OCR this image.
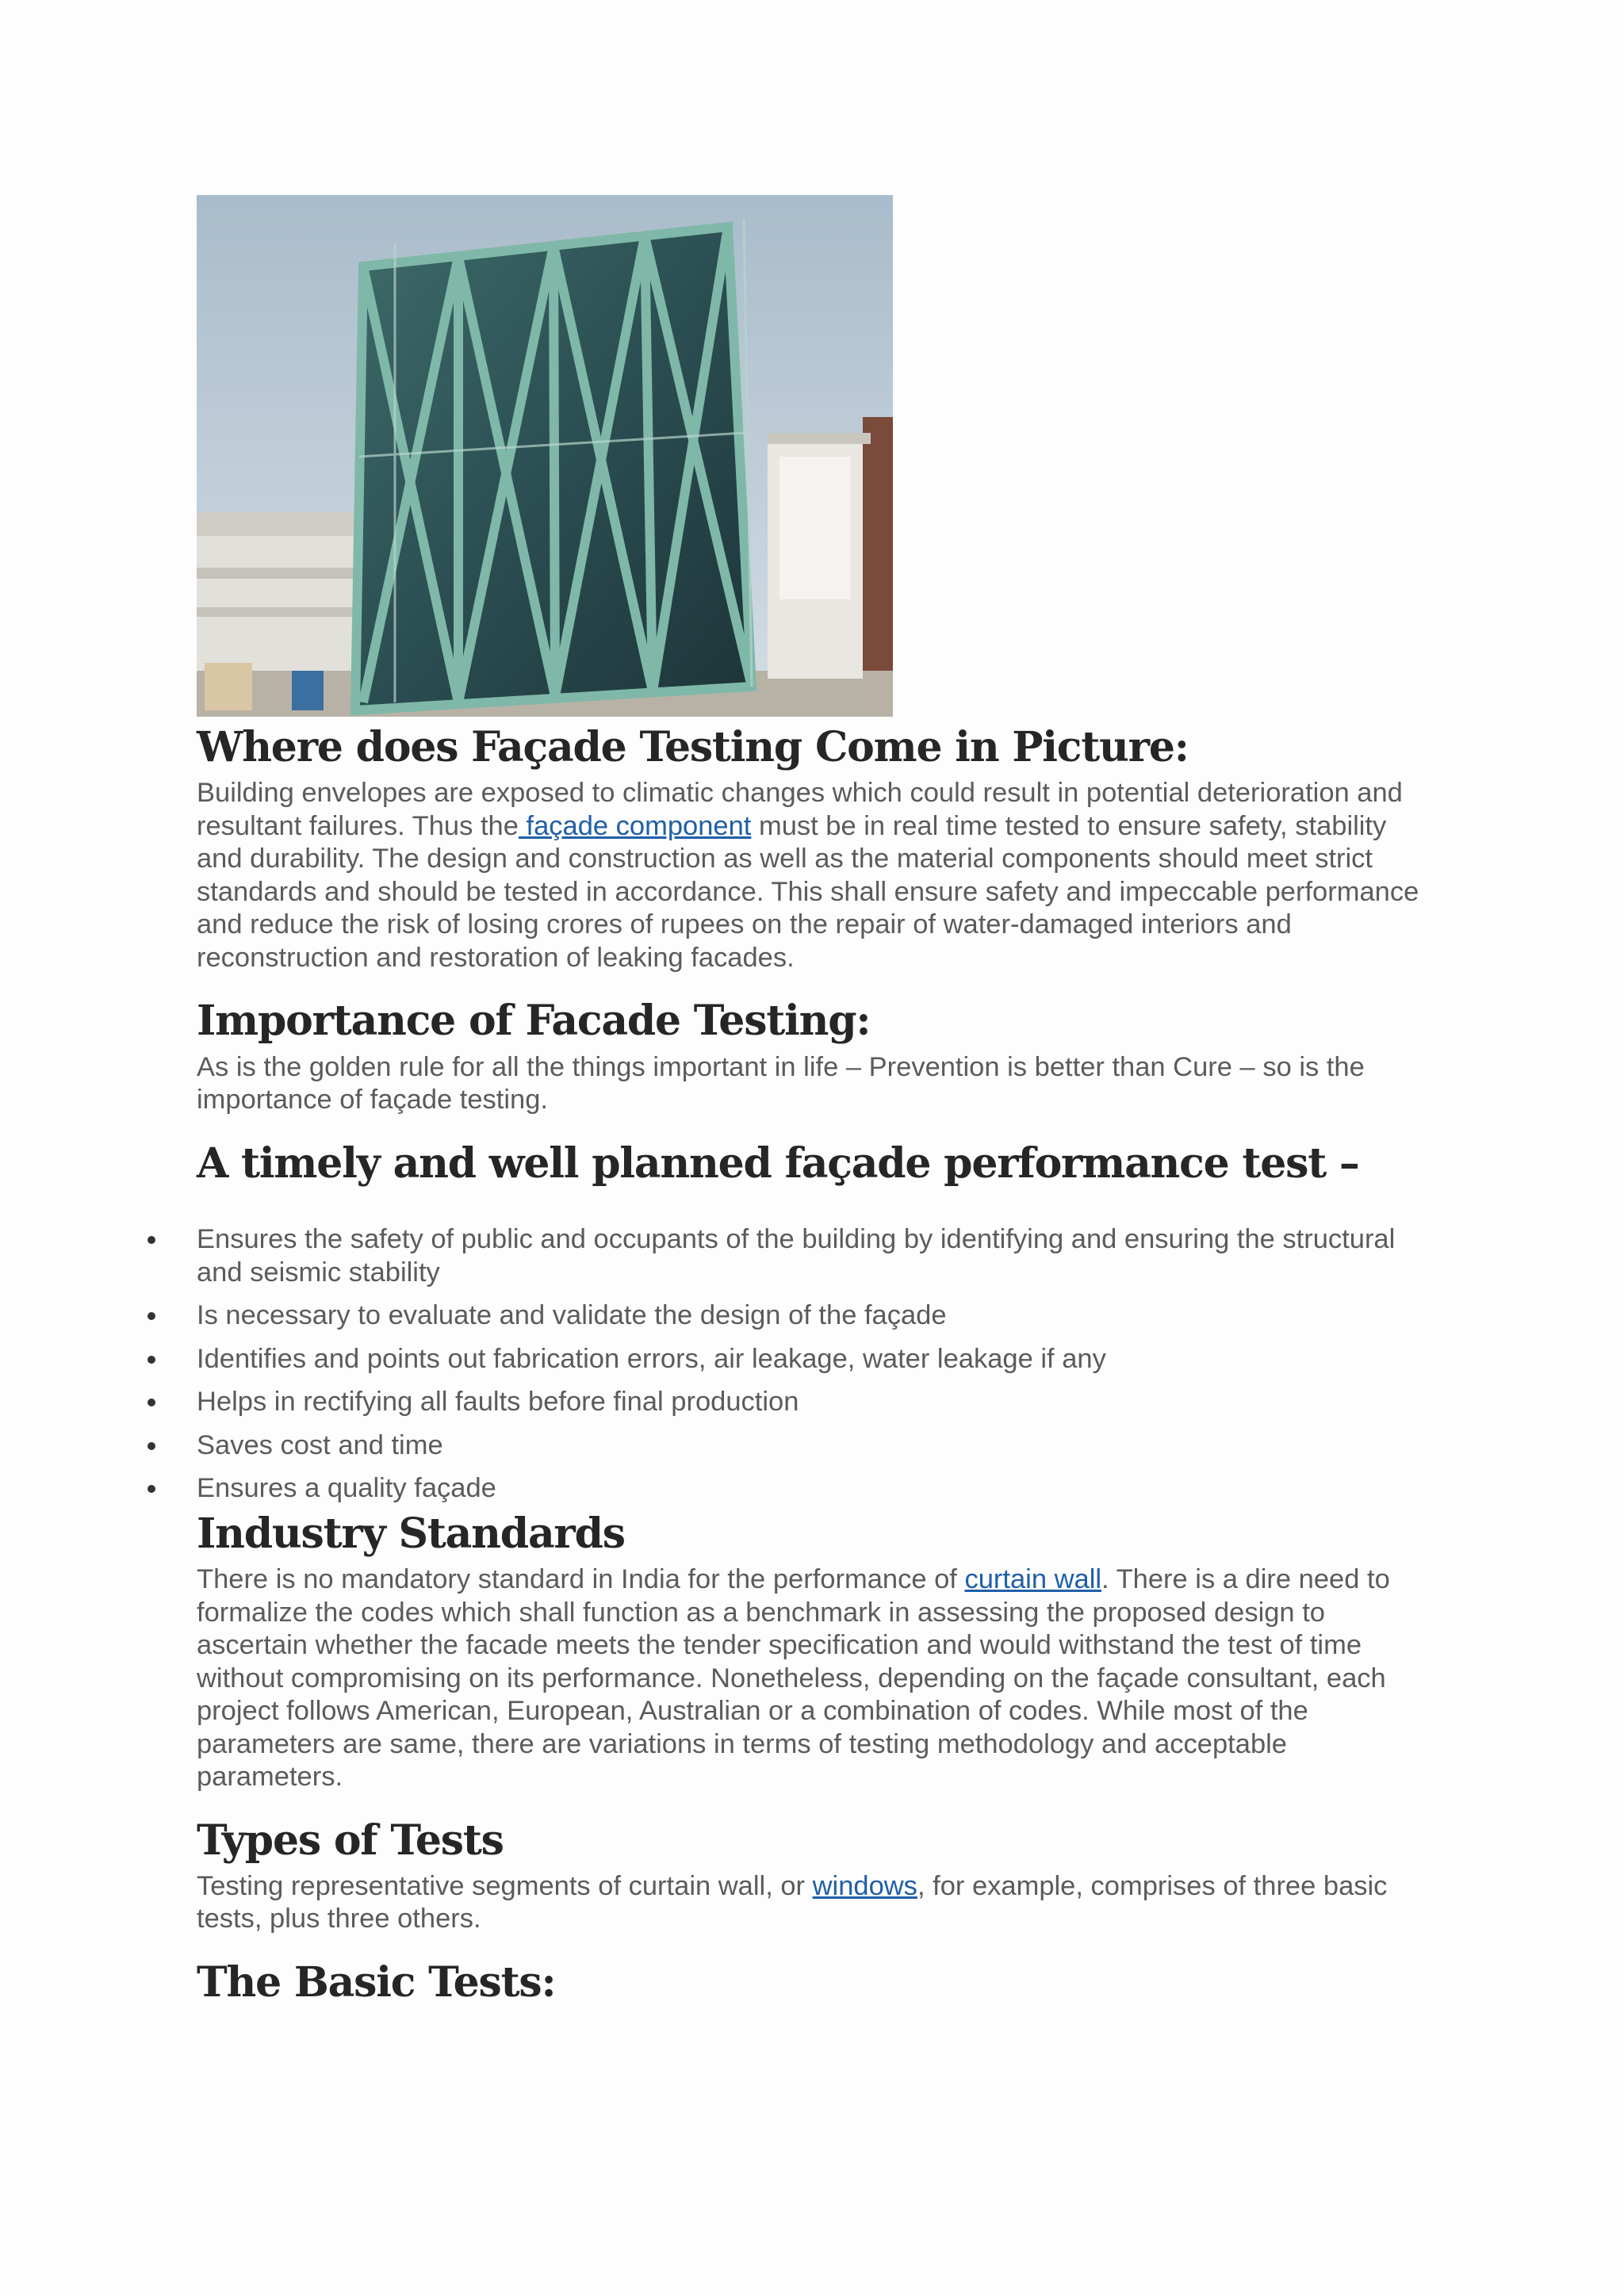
Where does Façade Testing Come in Picture:

Building envelopes are exposed to climatic changes which could result in potential deterioration and resultant failures. Thus the façade component must be in real time tested to ensure safety, stability and durability. The design and construction as well as the material components should meet strict standards and should be tested in accordance. This shall ensure safety and impeccable performance and reduce the risk of losing crores of rupees on the repair of water-damaged interiors and reconstruction and restoration of leaking facades.

Importance of Facade Testing:

As is the golden rule for all the things important in life – Prevention is better than Cure – so is the importance of façade testing.

A timely and well planned façade performance test –
Ensures the safety of public and occupants of the building by identifying and ensuring the structural and seismic stability
Is necessary to evaluate and validate the design of the façade
Identifies and points out fabrication errors, air leakage, water leakage if any
Helps in rectifying all faults before final production
Saves cost and time
Ensures a quality façade
Industry Standards

There is no mandatory standard in India for the performance of curtain wall. There is a dire need to formalize the codes which shall function as a benchmark in assessing the proposed design to ascertain whether the facade meets the tender specification and would withstand the test of time without compromising on its performance. Nonetheless, depending on the façade consultant, each project follows American, European, Australian or a combination of codes. While most of the parameters are same, there are variations in terms of testing methodology and acceptable parameters.

Types of Tests

Testing representative segments of curtain wall, or windows, for example, comprises of three basic tests, plus three others.

The Basic Tests:
